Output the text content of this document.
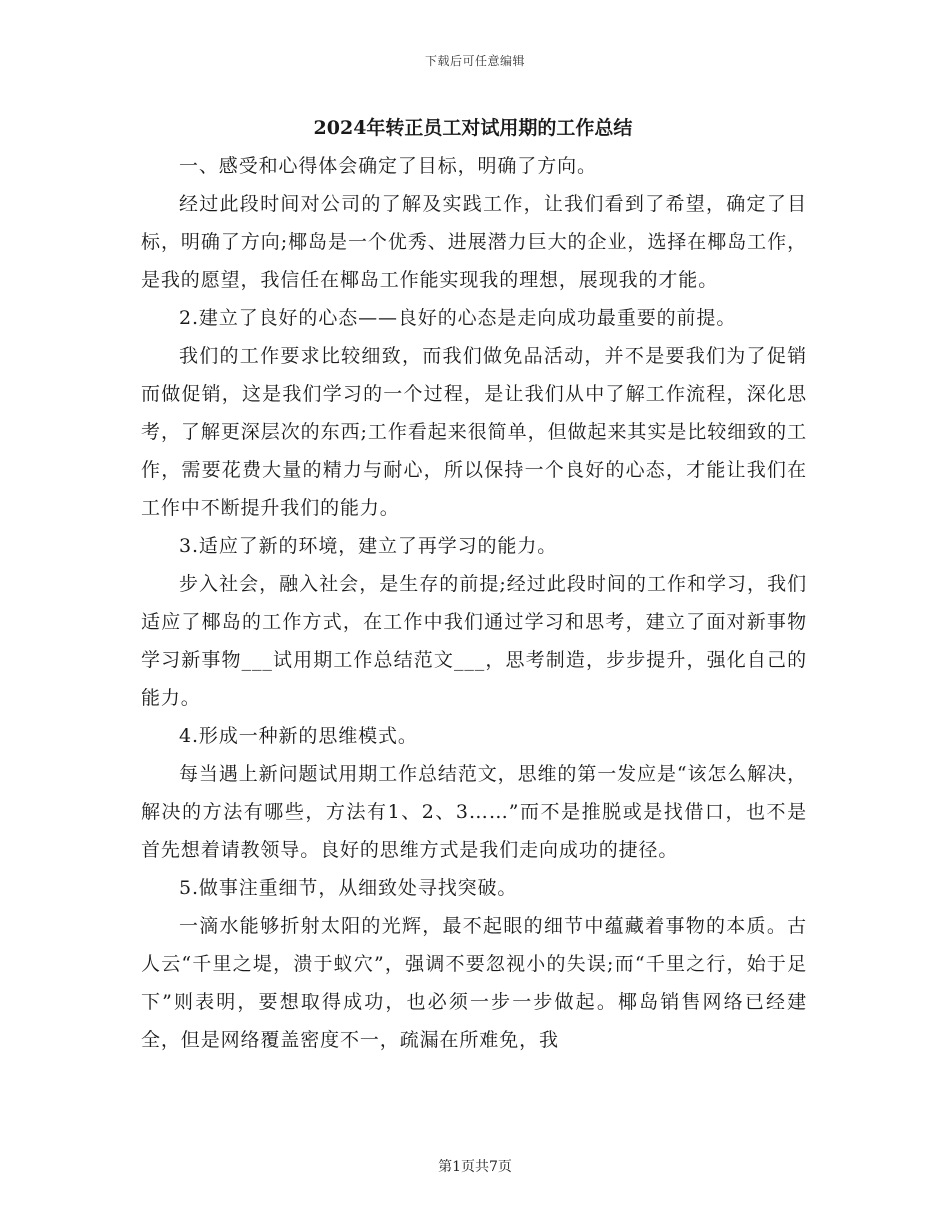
下载后可任意编辑
2024年转正员工对试用期的工作总结

一、感受和心得体会确定了目标，明确了方向。

经过此段时间对公司的了解及实践工作，让我们看到了希望，确定了目标，明确了方向;椰岛是一个优秀、进展潜力巨大的企业，选择在椰岛工作，是我的愿望，我信任在椰岛工作能实现我的理想，展现我的才能。

2.建立了良好的心态——良好的心态是走向成功最重要的前提。

我们的工作要求比较细致，而我们做免品活动，并不是要我们为了促销而做促销，这是我们学习的一个过程，是让我们从中了解工作流程，深化思考，了解更深层次的东西;工作看起来很简单，但做起来其实是比较细致的工作，需要花费大量的精力与耐心，所以保持一个良好的心态，才能让我们在工作中不断提升我们的能力。

3.适应了新的环境，建立了再学习的能力。

步入社会，融入社会，是生存的前提;经过此段时间的工作和学习，我们适应了椰岛的工作方式，在工作中我们通过学习和思考，建立了面对新事物学习新事物___试用期工作总结范文___，思考制造，步步提升，强化自己的能力。

4.形成一种新的思维模式。

每当遇上新问题试用期工作总结范文，思维的第一发应是“该怎么解决，解决的方法有哪些，方法有1、2、3……”而不是推脱或是找借口，也不是首先想着请教领导。良好的思维方式是我们走向成功的捷径。

5.做事注重细节，从细致处寻找突破。

一滴水能够折射太阳的光辉，最不起眼的细节中蕴藏着事物的本质。古人云“千里之堤，溃于蚁穴”，强调不要忽视小的失误;而“千里之行，始于足下”则表明，要想取得成功，也必须一步一步做起。椰岛销售网络已经建全，但是网络覆盖密度不一，疏漏在所难免，我

第1页共7页
